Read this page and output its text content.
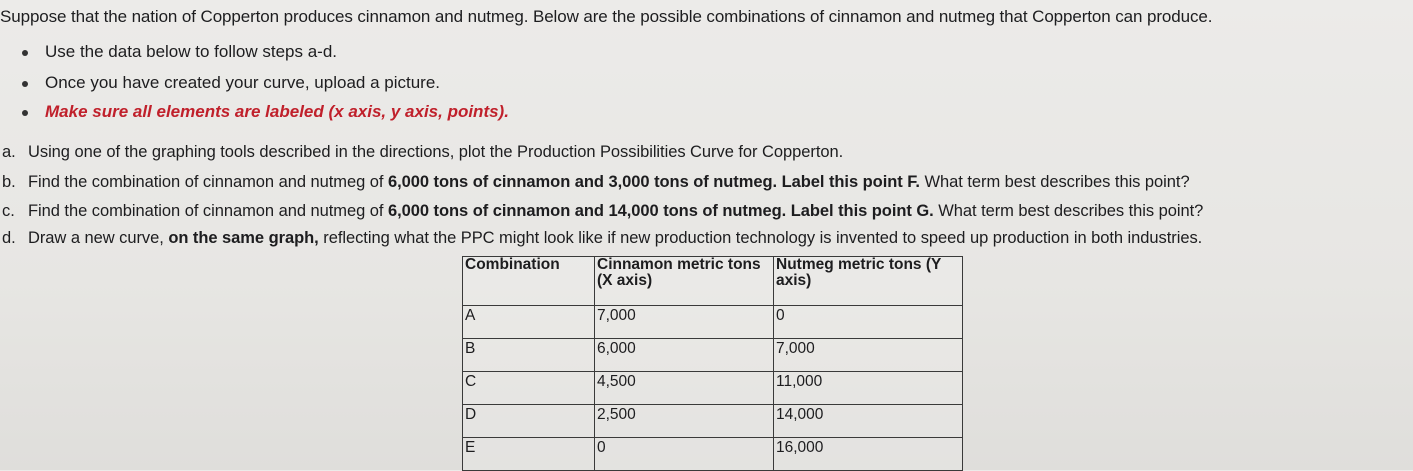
Suppose that the nation of Copperton produces cinnamon and nutmeg. Below are the possible combinations of cinnamon and nutmeg that Copperton can produce.
Use the data below to follow steps a-d.
Once you have created your curve, upload a picture.
Make sure all elements are labeled (x axis, y axis, points).
a. Using one of the graphing tools described in the directions, plot the Production Possibilities Curve for Copperton.
b. Find the combination of cinnamon and nutmeg of 6,000 tons of cinnamon and 3,000 tons of nutmeg. Label this point F. What term best describes this point?
c. Find the combination of cinnamon and nutmeg of 6,000 tons of cinnamon and 14,000 tons of nutmeg. Label this point G. What term best describes this point?
d. Draw a new curve, on the same graph, reflecting what the PPC might look like if new production technology is invented to speed up production in both industries.
Combination	Cinnamon metric tons (X axis)	Nutmeg metric tons (Y axis)
A	7,000	0
B	6,000	7,000
C	4,500	11,000
D	2,500	14,000
E	0	16,000
